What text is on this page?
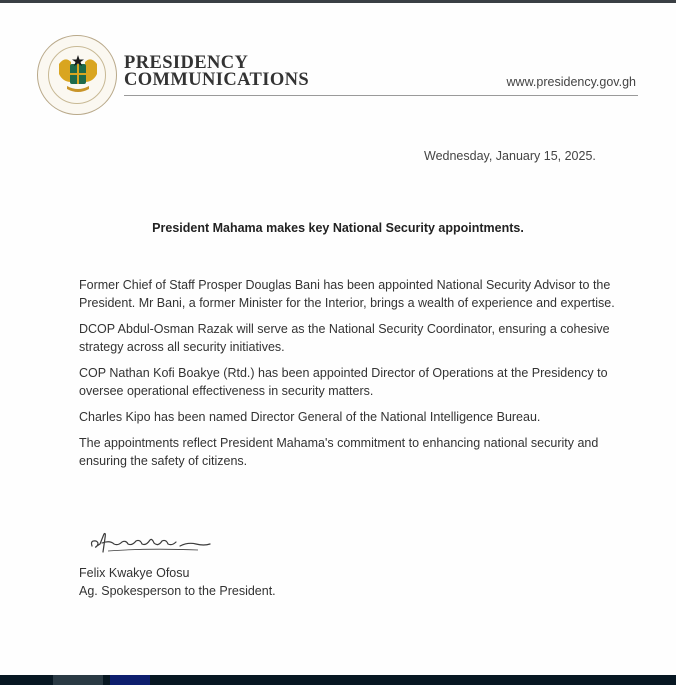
PRESIDENCY
COMMUNICATIONS	www.presidency.gov.gh
Wednesday, January 15, 2025.
President Mahama makes key National Security appointments.

Former Chief of Staff Prosper Douglas Bani has been appointed National Security Advisor to the President. Mr Bani, a former Minister for the Interior, brings a wealth of experience and expertise.

DCOP Abdul-Osman Razak will serve as the National Security Coordinator, ensuring a cohesive strategy across all security initiatives.

COP Nathan Kofi Boakye (Rtd.) has been appointed Director of Operations at the Presidency to oversee operational effectiveness in security matters.

Charles Kipo has been named Director General of the National Intelligence Bureau.

The appointments reflect President Mahama's commitment to enhancing national security and ensuring the safety of citizens.

Felix Kwakye Ofosu
Ag. Spokesperson to the President.
